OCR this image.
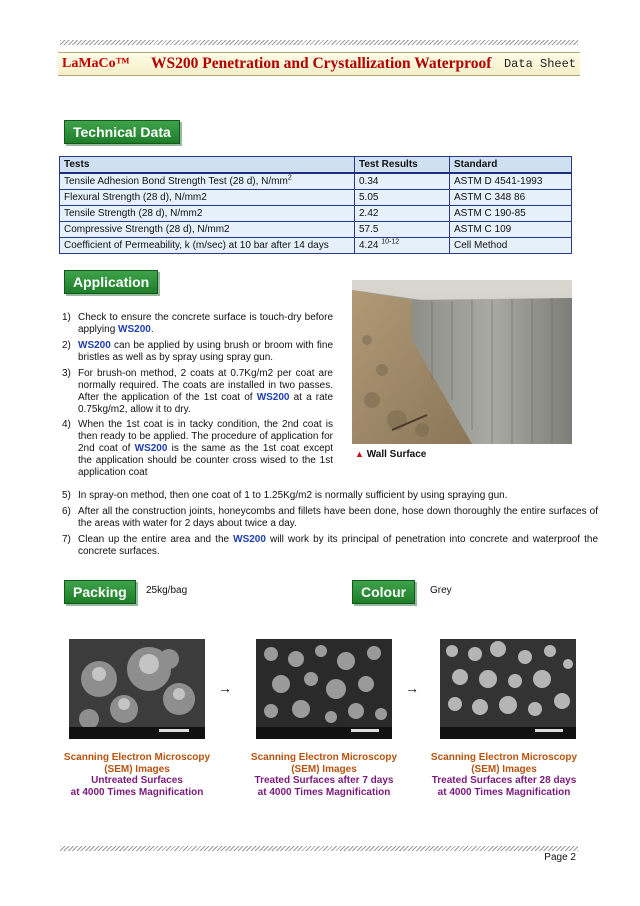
LaMaCo™ WS200 Penetration and Crystallization Waterproof Data Sheet
Technical Data
Tests	Test Results	Standard
Tensile Adhesion Bond Strength Test (28 d), $N/mm^2$	0.34	ASTM D 4541-1993
Flexural Strength (28 d), N/mm2	5.05	ASTM C 348 86
Tensile Strength (28 d), N/mm2	2.42	ASTM C 190-85
Compressive Strength (28 d), N/mm2	57.5	ASTM C 109
Coefficient of Permeability, k (m/sec) at 10 bar after 14 days	4.24 $^{10-12}$	Cell Method
Application
▲ Wall Surface
1) Check to ensure the concrete surface is touch-dry before applying WS200.
2) WS200 can be applied by using brush or broom with fine bristles as well as by spray using spray gun.
3) For brush-on method, 2 coats at 0.7Kg/m2 per coat are normally required. The coats are installed in two passes. After the application of the 1st coat of WS200 at a rate 0.75kg/m2, allow it to dry.
4) When the 1st coat is in tacky condition, the 2nd coat is then ready to be applied. The procedure of application for 2nd coat of WS200 is the same as the 1st coat except the application should be counter cross wised to the 1st application coat
5) In spray-on method, then one coat of 1 to 1.25Kg/m2 is normally sufficient by using spraying gun.
6) After all the construction joints, honeycombs and fillets have been done, hose down thoroughly the entire surfaces of the areas with water for 2 days about twice a day.
7) Clean up the entire area and the WS200 will work by its principal of penetration into concrete and waterproof the concrete surfaces.
Packing	25kg/bag	Colour	Grey
→	→
Scanning Electron Microscopy
(SEM) Images
Untreated Surfaces
at 4000 Times Magnification
Scanning Electron Microscopy
(SEM) Images
Treated Surfaces after 7 days
at 4000 Times Magnification
Scanning Electron Microscopy
(SEM) Images
Treated Surfaces after 28 days
at 4000 Times Magnification
Page 2
